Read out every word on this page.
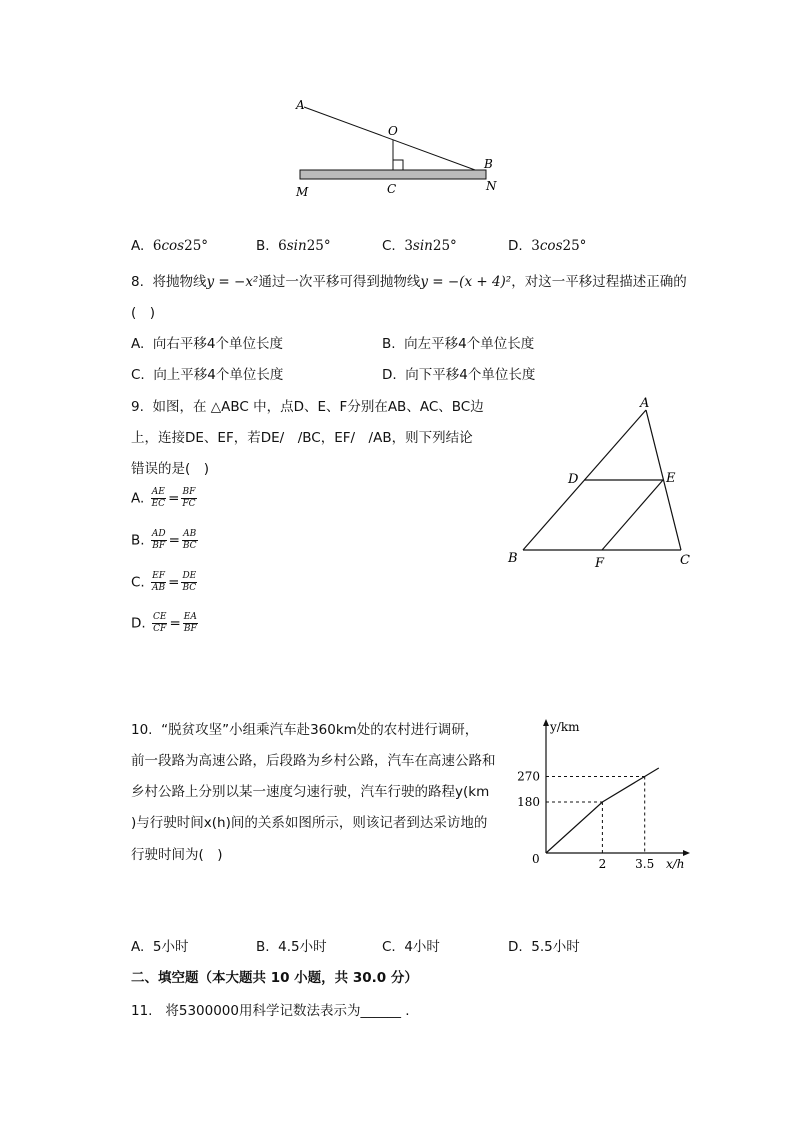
A
O
B
M	C	N
A. 6cos25°	B. 6sin25°	C. 3sin25°	D. 3cos25°
8. 将抛物线y = −x²通过一次平移可得到抛物线y = −(x + 4)²，对这一平移过程描述正确的
(　)
A. 向右平移4个单位长度	B. 向左平移4个单位长度
C. 向上平移4个单位长度	D. 向下平移4个单位长度
9. 如图，在 △ABC 中，点D、E、F分别在AB、AC、BC边
上，连接DE、EF，若DE/　/BC，EF/　/AB，则下列结论
错误的是(　)
A. $\frac{AE}{EC} = \frac{BF}{FC}$
B. $\frac{AD}{BF} = \frac{AB}{BC}$
C. $\frac{EF}{AB} = \frac{DE}{BC}$
D. $\frac{CE}{CF} = \frac{EA}{BF}$
A
D	E
B	F	C
10. “脱贫攻坚”小组乘汽车赴360km处的农村进行调研，
前一段路为高速公路，后段路为乡村公路，汽车在高速公路和
乡村公路上分别以某一速度匀速行驶，汽车行驶的路程y(km
)与行驶时间x(h)间的关系如图所示，则该记者到达采访地的
行驶时间为(　)
y/km
x/h
0	2 3.5
180
270
A. 5小时	B. 4.5小时	C. 4小时	D. 5.5小时
二、填空题（本大题共 10 小题，共 30.0 分）
11. 将5300000用科学记数法表示为______ .
